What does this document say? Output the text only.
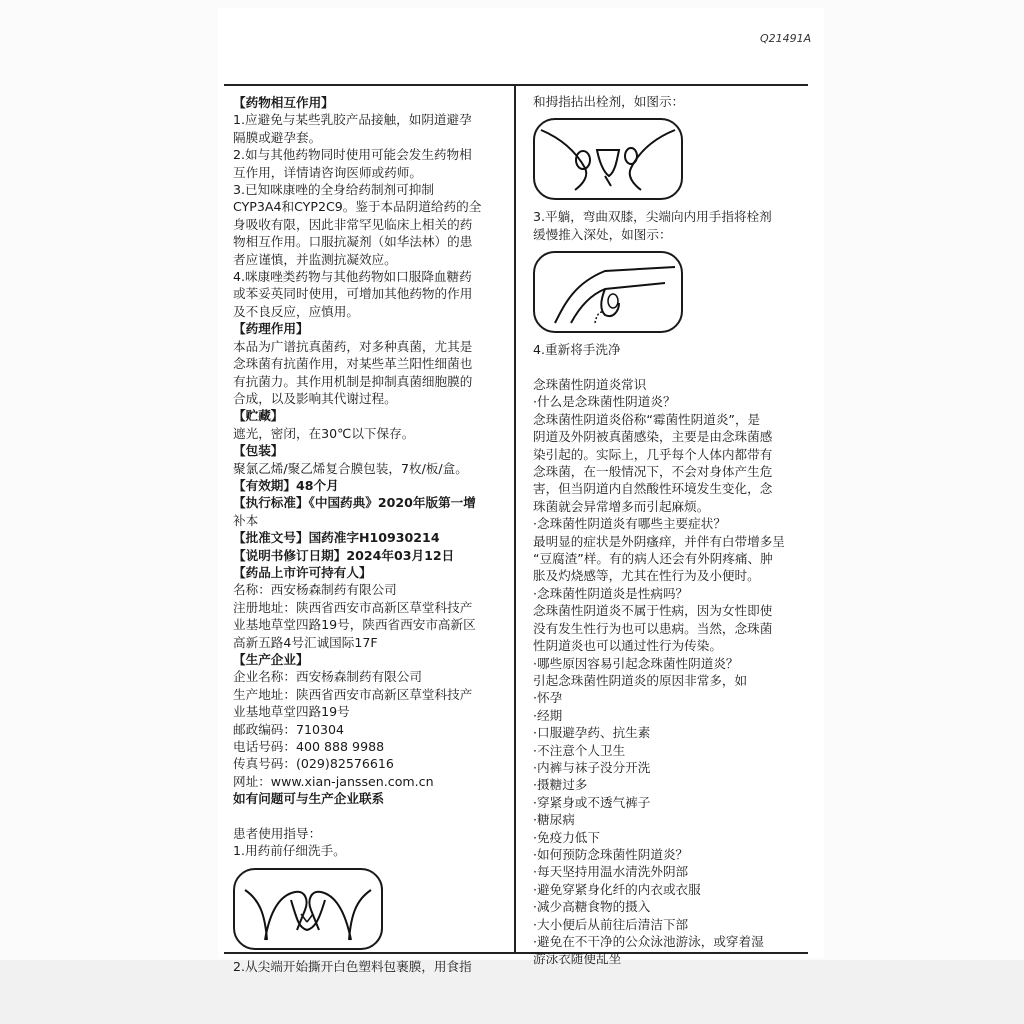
Q21491A

【药物相互作用】

1.应避免与某些乳胶产品接触，如阴道避孕

隔膜或避孕套。

2.如与其他药物同时使用可能会发生药物相

互作用，详情请咨询医师或药师。

3.已知咪康唑的全身给药制剂可抑制

CYP3A4和CYP2C9。鉴于本品阴道给药的全

身吸收有限，因此非常罕见临床上相关的药

物相互作用。口服抗凝剂（如华法林）的患

者应谨慎，并监测抗凝效应。

4.咪康唑类药物与其他药物如口服降血糖药

或苯妥英同时使用，可增加其他药物的作用

及不良反应，应慎用。

【药理作用】

本品为广谱抗真菌药，对多种真菌，尤其是

念珠菌有抗菌作用，对某些革兰阳性细菌也

有抗菌力。其作用机制是抑制真菌细胞膜的

合成，以及影响其代谢过程。

【贮藏】

遮光，密闭，在30℃以下保存。

【包装】

聚氯乙烯/聚乙烯复合膜包装，7枚/板/盒。

【有效期】48个月

【执行标准】《中国药典》2020年版第一增

补本

【批准文号】国药准字H10930214

【说明书修订日期】2024年03月12日

【药品上市许可持有人】

名称：西安杨森制药有限公司

注册地址：陕西省西安市高新区草堂科技产

业基地草堂四路19号，陕西省西安市高新区

高新五路4号汇诚国际17F

【生产企业】

企业名称：西安杨森制药有限公司

生产地址：陕西省西安市高新区草堂科技产

业基地草堂四路19号

邮政编码：710304

电话号码：400 888 9988

传真号码：(029)82576616

网址：www.xian-janssen.com.cn

如有问题可与生产企业联系

患者使用指导：

1.用药前仔细洗手。

2.从尖端开始撕开白色塑料包裹膜，用食指

和拇指拈出栓剂，如图示：

3.平躺，弯曲双膝，尖端向内用手指将栓剂

缓慢推入深处，如图示：

4.重新将手洗净

念珠菌性阴道炎常识

·什么是念珠菌性阴道炎？

念珠菌性阴道炎俗称“霉菌性阴道炎”，是

阴道及外阴被真菌感染，主要是由念珠菌感

染引起的。实际上，几乎每个人体内都带有

念珠菌，在一般情况下，不会对身体产生危

害，但当阴道内自然酸性环境发生变化，念

珠菌就会异常增多而引起麻烦。

·念珠菌性阴道炎有哪些主要症状？

最明显的症状是外阴瘙痒，并伴有白带增多呈

“豆腐渣”样。有的病人还会有外阴疼痛、肿

胀及灼烧感等，尤其在性行为及小便时。

·念珠菌性阴道炎是性病吗？

念珠菌性阴道炎不属于性病，因为女性即使

没有发生性行为也可以患病。当然，念珠菌

性阴道炎也可以通过性行为传染。

·哪些原因容易引起念珠菌性阴道炎？

引起念珠菌性阴道炎的原因非常多，如

·怀孕

·经期

·口服避孕药、抗生素

·不注意个人卫生

·内裤与袜子没分开洗

·摄糖过多

·穿紧身或不透气裤子

·糖尿病

·免疫力低下

·如何预防念珠菌性阴道炎？

·每天坚持用温水清洗外阴部

·避免穿紧身化纤的内衣或衣服

·减少高糖食物的摄入

·大小便后从前往后清洁下部

·避免在不干净的公众泳池游泳，或穿着湿

游泳衣随便乱坐
